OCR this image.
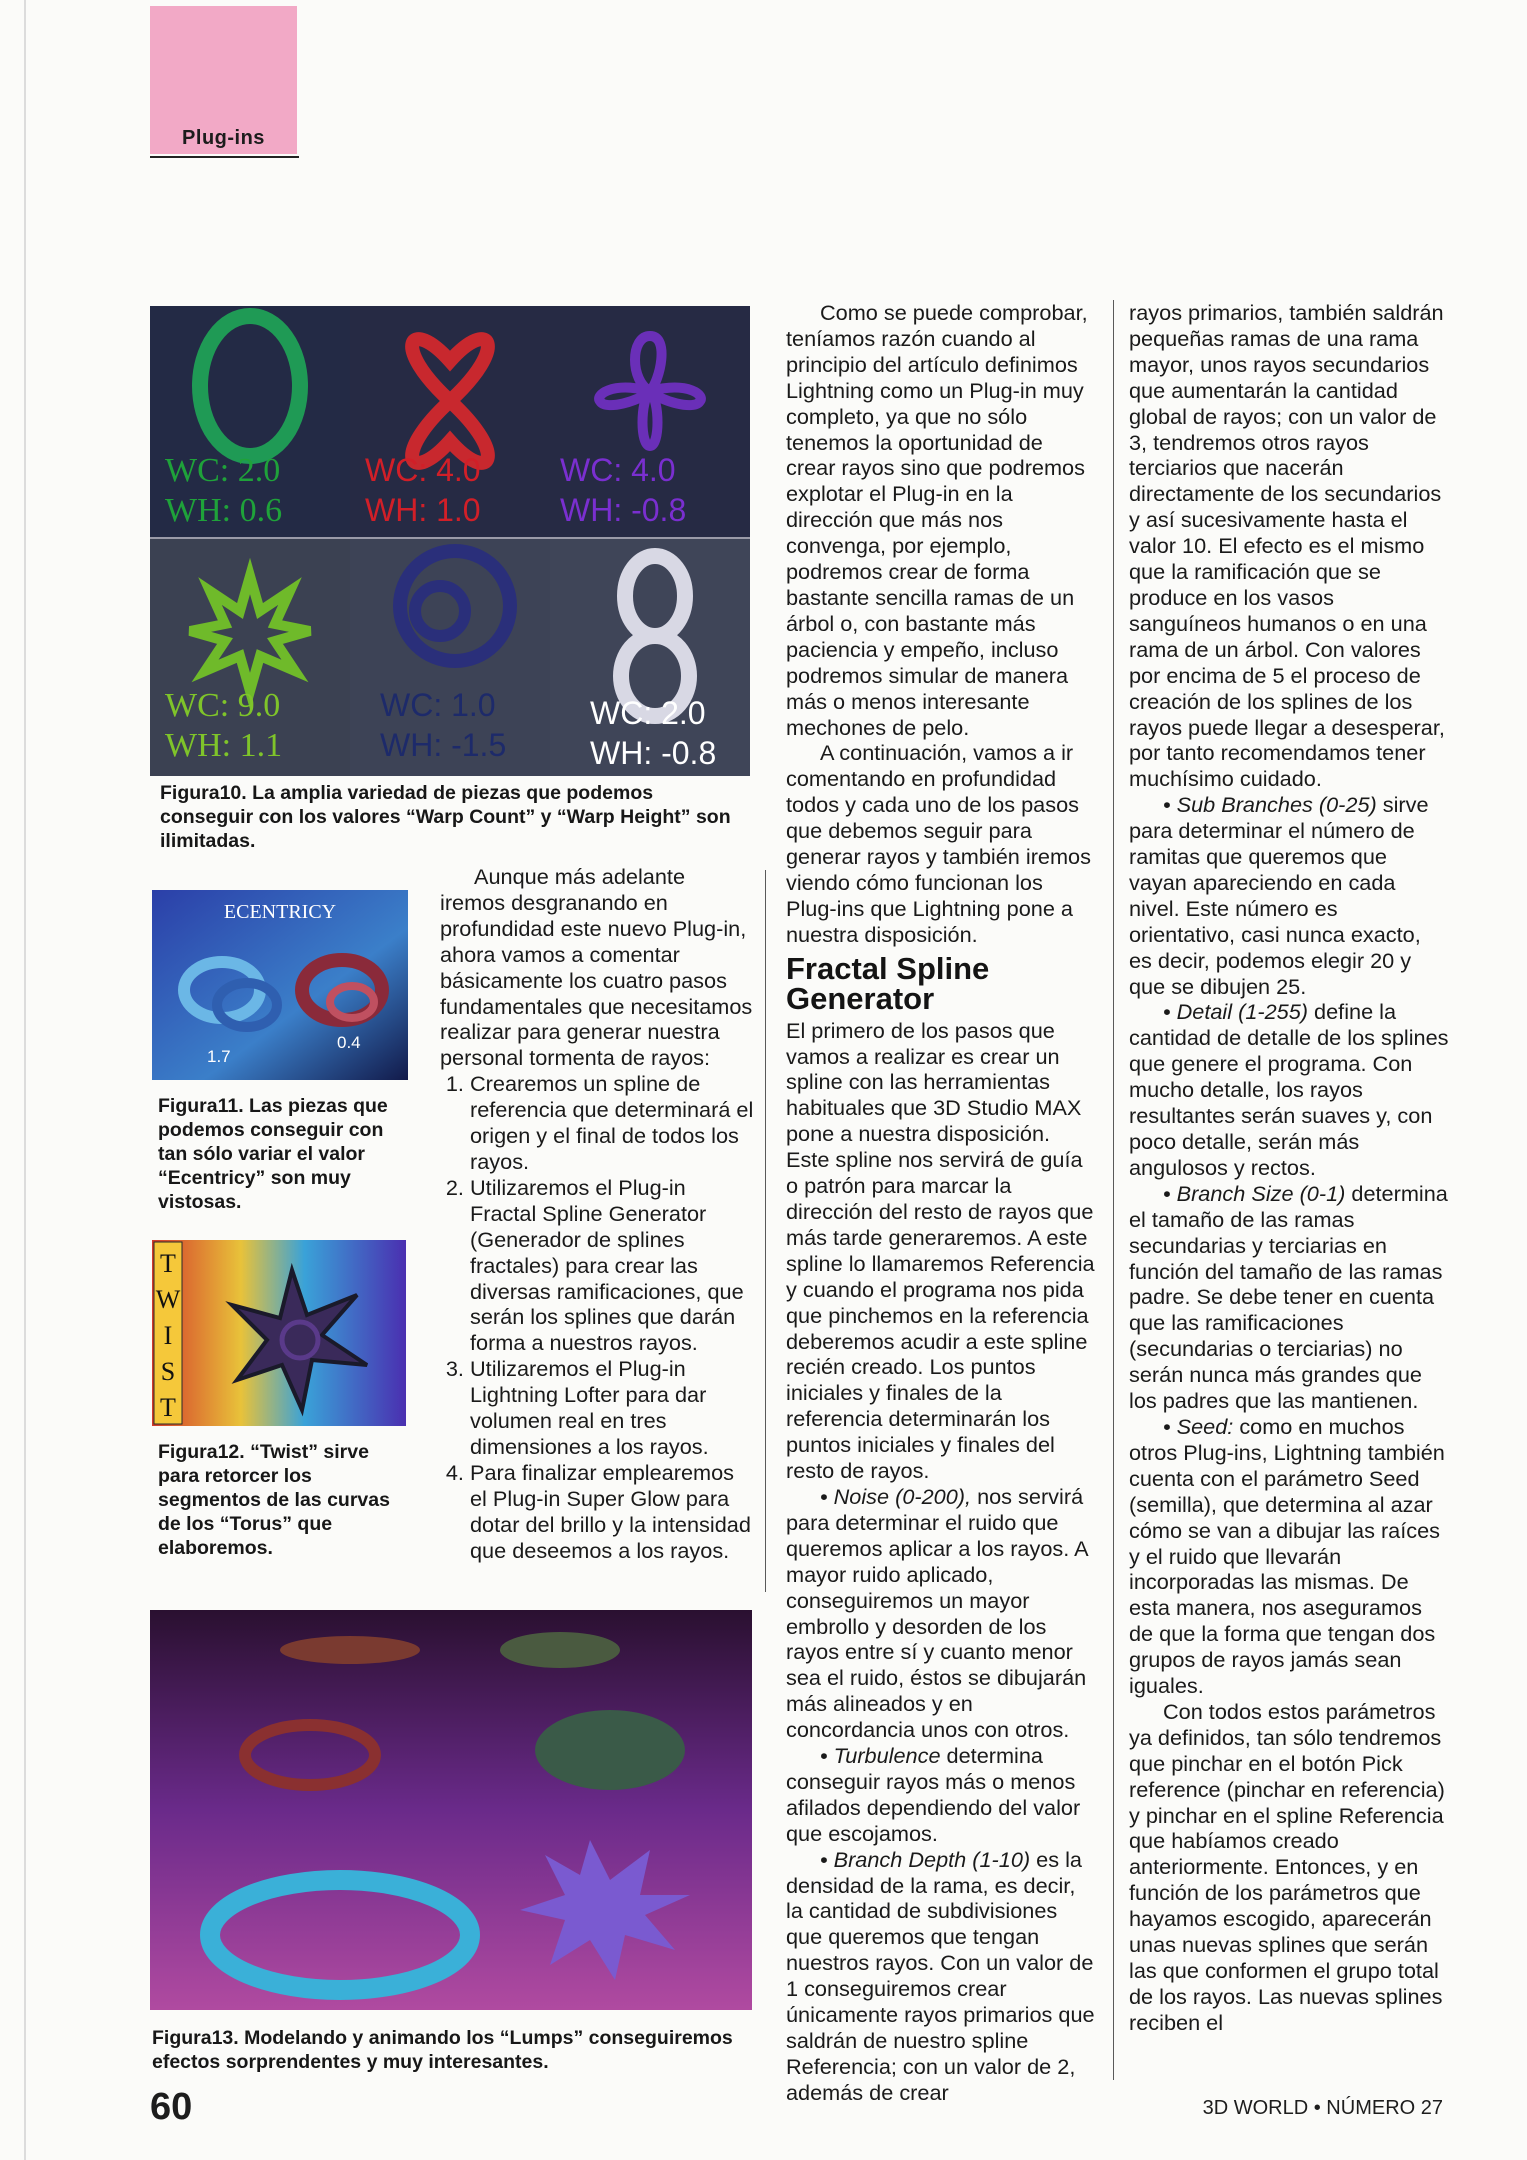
Plug-ins
WC: 2.0
WH: 0.6
WC: 4.0
WH: 1.0
WC: 4.0
WH: -0.8
WC: 9.0
WH: 1.1
WC: 1.0
WH: -1.5
WC: 2.0
WH: -0.8
Figura10. La amplia variedad de piezas que podemos conseguir con los valores “Warp Count” y “Warp Height” son ilimitadas.
ECENTRICY
1.7
0.4
Figura11. Las piezas que podemos conseguir con tan sólo variar el valor “Ecentricy” son muy vistosas.
T
W
I
S
T
Figura12. “Twist” sirve para retorcer los segmentos de las curvas de los “Torus” que elaboremos.
Figura13. Modelando y animando los “Lumps” conseguiremos efectos sorprendentes y muy interesantes.

Aunque más adelante iremos desgranando en profundidad este nuevo Plug-in, ahora vamos a comentar básicamente los cuatro pasos fundamentales que necesitamos realizar para generar nuestra personal tormenta de rayos:

1. Crearemos un spline de referencia que determinará el origen y el final de todos los rayos.
2. Utilizaremos el Plug-in Fractal Spline Generator (Generador de splines fractales) para crear las diversas ramificaciones, que serán los splines que darán forma a nuestros rayos.
3. Utilizaremos el Plug-in Lightning Lofter para dar volumen real en tres dimensiones a los rayos.
4. Para finalizar emplearemos el Plug-in Super Glow para dotar del brillo y la intensidad que deseemos a los rayos.

Como se puede comprobar, teníamos razón cuando al principio del artículo definimos Lightning como un Plug-in muy completo, ya que no sólo tenemos la oportunidad de crear rayos sino que podremos explotar el Plug-in en la dirección que más nos convenga, por ejemplo, podremos crear de forma bastante sencilla ramas de un árbol o, con bastante más paciencia y empeño, incluso podremos simular de manera más o menos interesante mechones de pelo.

A continuación, vamos a ir comentando en profundidad todos y cada uno de los pasos que debemos seguir para generar rayos y también iremos viendo cómo funcionan los Plug-ins que Lightning pone a nuestra disposición.

Fractal Spline Generator

El primero de los pasos que vamos a realizar es crear un spline con las herramientas habituales que 3D Studio MAX pone a nuestra disposición. Este spline nos servirá de guía o patrón para marcar la dirección del resto de rayos que más tarde generaremos. A este spline lo llamaremos Referencia y cuando el programa nos pida que pinchemos en la referencia deberemos acudir a este spline recién creado. Los puntos iniciales y finales de la referencia determinarán los puntos iniciales y finales del resto de rayos.

• Noise (0-200), nos servirá para determinar el ruido que queremos aplicar a los rayos. A mayor ruido aplicado, conseguiremos un mayor embrollo y desorden de los rayos entre sí y cuanto menor sea el ruido, éstos se dibujarán más alineados y en concordancia unos con otros.

• Turbulence determina conseguir rayos más o menos afilados dependiendo del valor que escojamos.

• Branch Depth (1-10) es la densidad de la rama, es decir, la cantidad de subdivisiones que queremos que tengan nuestros rayos. Con un valor de 1 conseguiremos crear únicamente rayos primarios que saldrán de nuestro spline Referencia; con un valor de 2, además de crear

rayos primarios, también saldrán pequeñas ramas de una rama mayor, unos rayos secundarios que aumentarán la cantidad global de rayos; con un valor de 3, tendremos otros rayos terciarios que nacerán directamente de los secundarios y así sucesivamente hasta el valor 10. El efecto es el mismo que la ramificación que se produce en los vasos sanguíneos humanos o en una rama de un árbol. Con valores por encima de 5 el proceso de creación de los splines de los rayos puede llegar a desesperar, por tanto recomendamos tener muchísimo cuidado.

• Sub Branches (0-25) sirve para determinar el número de ramitas que queremos que vayan apareciendo en cada nivel. Este número es orientativo, casi nunca exacto, es decir, podemos elegir 20 y que se dibujen 25.

• Detail (1-255) define la cantidad de detalle de los splines que genere el programa. Con mucho detalle, los rayos resultantes serán suaves y, con poco detalle, serán más angulosos y rectos.

• Branch Size (0-1) determina el tamaño de las ramas secundarias y terciarias en función del tamaño de las ramas padre. Se debe tener en cuenta que las ramificaciones (secundarias o terciarias) no serán nunca más grandes que los padres que las mantienen.

• Seed: como en muchos otros Plug-ins, Lightning también cuenta con el parámetro Seed (semilla), que determina al azar cómo se van a dibujar las raíces y el ruido que llevarán incorporadas las mismas. De esta manera, nos aseguramos de que la forma que tengan dos grupos de rayos jamás sean iguales.

Con todos estos parámetros ya definidos, tan sólo tendremos que pinchar en el botón Pick reference (pinchar en referencia) y pinchar en el spline Referencia que habíamos creado anteriormente. Entonces, y en función de los parámetros que hayamos escogido, aparecerán unas nuevas splines que serán las que conformen el grupo total de los rayos. Las nuevas splines reciben el

60	3D WORLD • NÚMERO 27
